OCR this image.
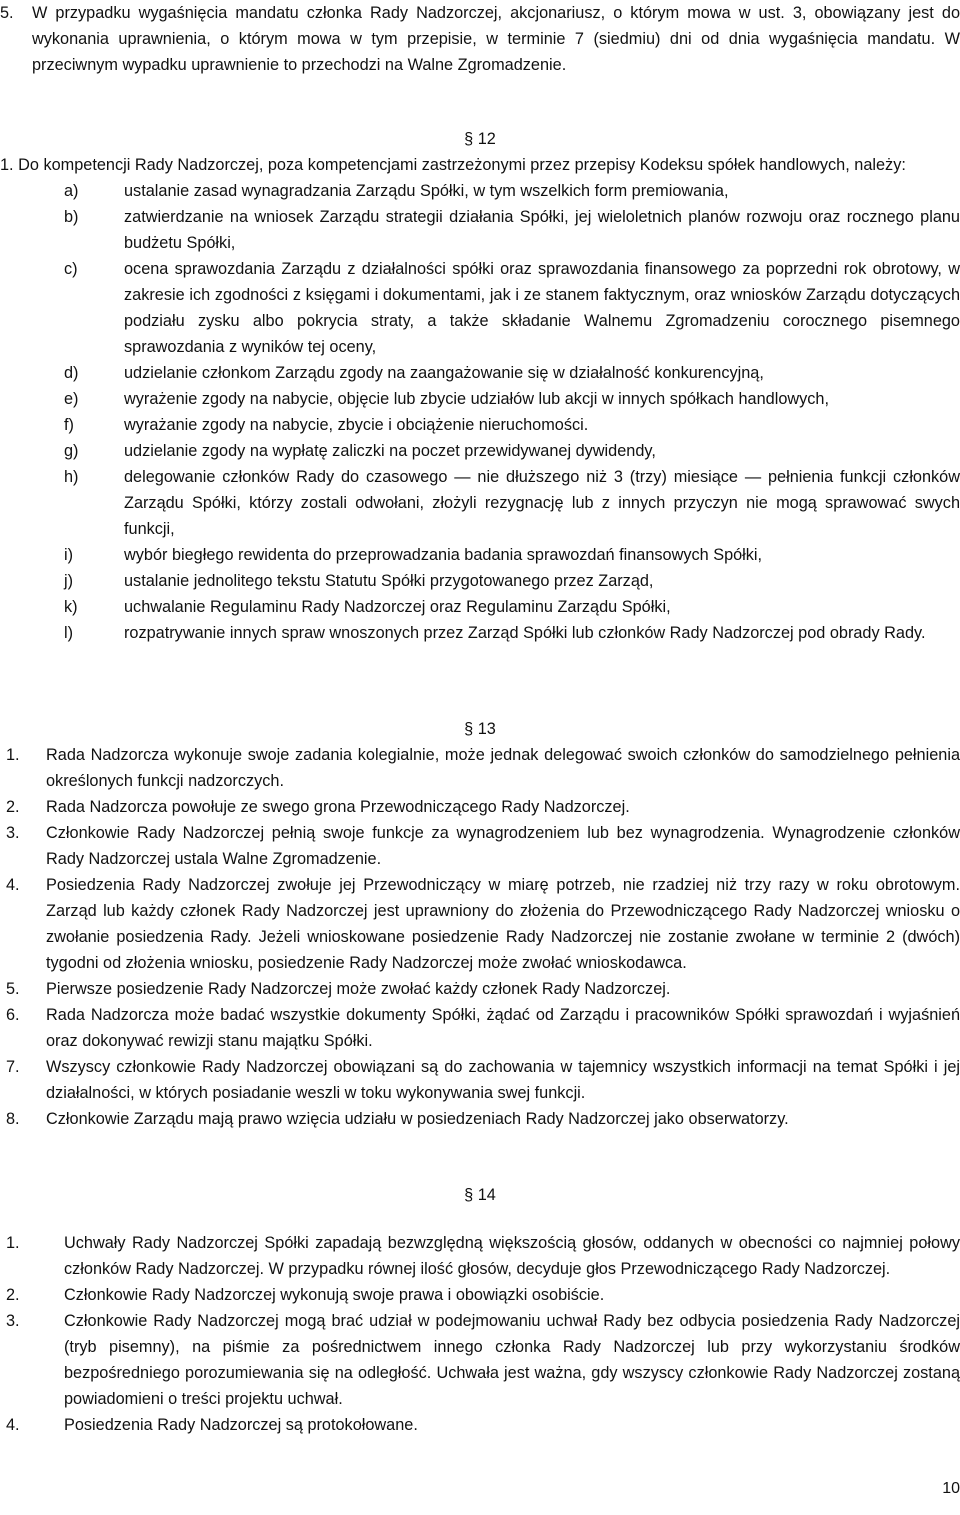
5. W przypadku wygaśnięcia mandatu członka Rady Nadzorczej, akcjonariusz, o którym mowa w ust. 3, obowiązany jest do wykonania uprawnienia, o którym mowa w tym przepisie, w terminie 7 (siedmiu) dni od dnia wygaśnięcia mandatu. W przeciwnym wypadku uprawnienie to przechodzi na Walne Zgromadzenie.
§ 12
1. Do kompetencji Rady Nadzorczej, poza kompetencjami zastrzeżonymi przez przepisy Kodeksu spółek handlowych, należy:
a)	ustalanie zasad wynagradzania Zarządu Spółki, w tym wszelkich form premiowania,
b)	zatwierdzanie na wniosek Zarządu strategii działania Spółki, jej wieloletnich planów rozwoju oraz rocznego planu budżetu Spółki,
c)	ocena sprawozdania Zarządu z działalności spółki oraz sprawozdania finansowego za poprzedni rok obrotowy, w zakresie ich zgodności z księgami i dokumentami, jak i ze stanem faktycznym, oraz wniosków Zarządu dotyczących podziału zysku albo pokrycia straty, a także składanie Walnemu Zgromadzeniu corocznego pisemnego sprawozdania z wyników tej oceny,
d)	udzielanie członkom Zarządu zgody na zaangażowanie się w działalność konkurencyjną,
e)	wyrażenie zgody na nabycie, objęcie lub zbycie udziałów lub akcji w innych spółkach handlowych,
f)	wyrażanie zgody na nabycie, zbycie i obciążenie nieruchomości.
g)	udzielanie zgody na wypłatę zaliczki na poczet przewidywanej dywidendy,
h)	delegowanie członków Rady do czasowego — nie dłuższego niż 3 (trzy) miesiące — pełnienia funkcji członków Zarządu Spółki, którzy zostali odwołani, złożyli rezygnację lub z innych przyczyn nie mogą sprawować swych funkcji,
i)	wybór biegłego rewidenta do przeprowadzania badania sprawozdań finansowych Spółki,
j)	ustalanie jednolitego tekstu Statutu Spółki przygotowanego przez Zarząd,
k)	uchwalanie Regulaminu Rady Nadzorczej oraz Regulaminu Zarządu Spółki,
l)	rozpatrywanie innych spraw wnoszonych przez Zarząd Spółki lub członków Rady Nadzorczej pod obrady Rady.
§ 13
1. Rada Nadzorcza wykonuje swoje zadania kolegialnie, może jednak delegować swoich członków do samodzielnego pełnienia określonych funkcji nadzorczych.
2. Rada Nadzorcza powołuje ze swego grona Przewodniczącego Rady Nadzorczej.
3. Członkowie Rady Nadzorczej pełnią swoje funkcje za wynagrodzeniem lub bez wynagrodzenia. Wynagrodzenie członków Rady Nadzorczej ustala Walne Zgromadzenie.
4. Posiedzenia Rady Nadzorczej zwołuje jej Przewodniczący w miarę potrzeb, nie rzadziej niż trzy razy w roku obrotowym. Zarząd lub każdy członek Rady Nadzorczej jest uprawniony do złożenia do Przewodniczącego Rady Nadzorczej wniosku o zwołanie posiedzenia Rady. Jeżeli wnioskowane posiedzenie Rady Nadzorczej nie zostanie zwołane w terminie 2 (dwóch) tygodni od złożenia wniosku, posiedzenie Rady Nadzorczej może zwołać wnioskodawca.
5. Pierwsze posiedzenie Rady Nadzorczej może zwołać każdy członek Rady Nadzorczej.
6. Rada Nadzorcza może badać wszystkie dokumenty Spółki, żądać od Zarządu i pracowników Spółki sprawozdań i wyjaśnień oraz dokonywać rewizji stanu majątku Spółki.
7. Wszyscy członkowie Rady Nadzorczej obowiązani są do zachowania w tajemnicy wszystkich informacji na temat Spółki i jej działalności, w których posiadanie weszli w toku wykonywania swej funkcji.
8. Członkowie Zarządu mają prawo wzięcia udziału w posiedzeniach Rady Nadzorczej jako obserwatorzy.
§ 14
1.	Uchwały Rady Nadzorczej Spółki zapadają bezwzględną większością głosów, oddanych w obecności co najmniej połowy członków Rady Nadzorczej. W przypadku równej ilość głosów, decyduje głos Przewodniczącego Rady Nadzorczej.
2.	Członkowie Rady Nadzorczej wykonują swoje prawa i obowiązki osobiście.
3.	Członkowie Rady Nadzorczej mogą brać udział w podejmowaniu uchwał Rady bez odbycia posiedzenia Rady Nadzorczej (tryb pisemny), na piśmie za pośrednictwem innego członka Rady Nadzorczej lub przy wykorzystaniu środków bezpośredniego porozumiewania się na odległość. Uchwała jest ważna, gdy wszyscy członkowie Rady Nadzorczej zostaną powiadomieni o treści projektu uchwał.
4.	Posiedzenia Rady Nadzorczej są protokołowane.
10
